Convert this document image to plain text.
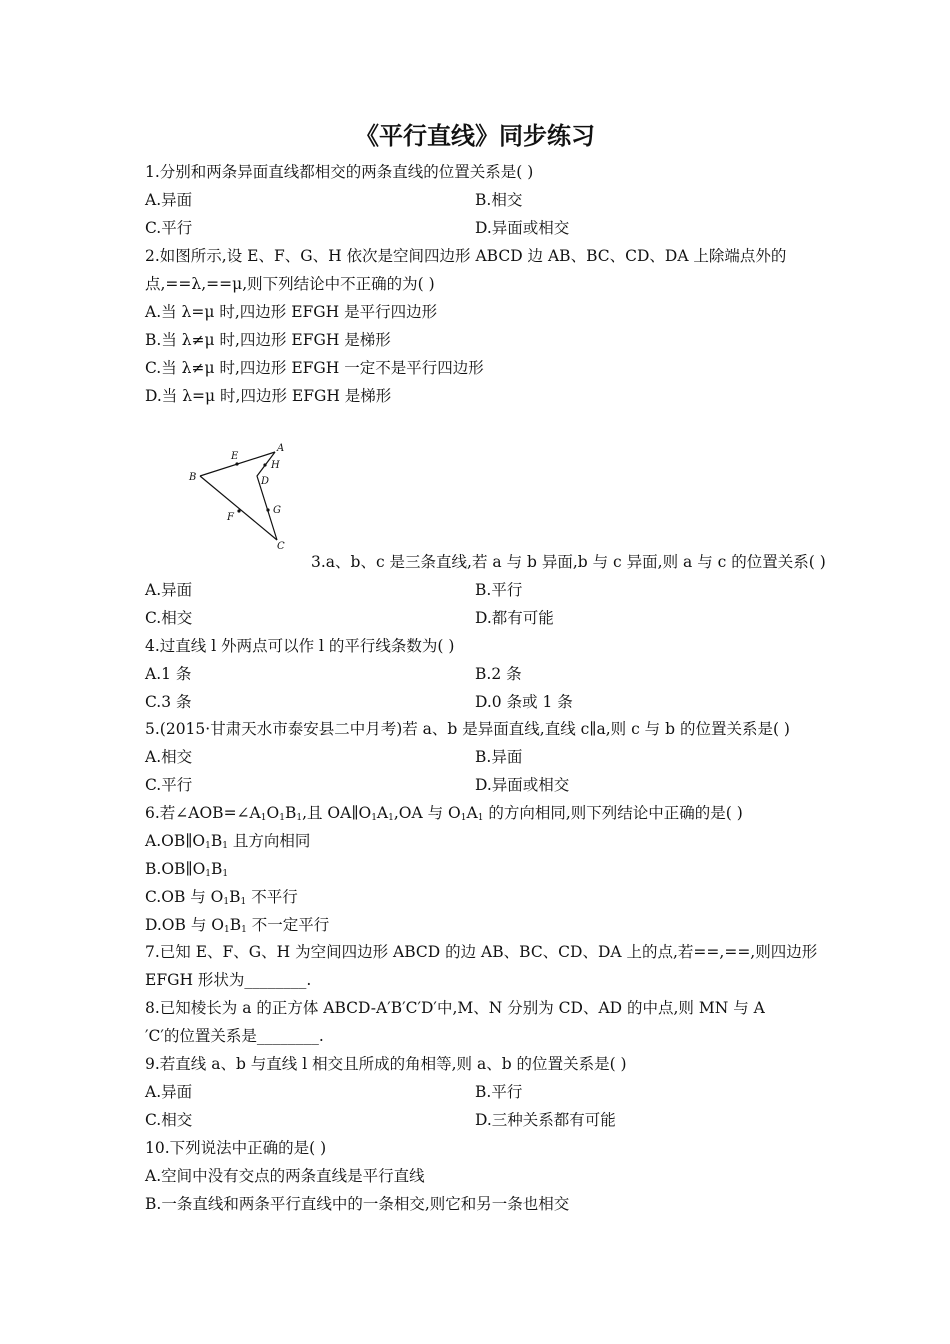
《平行直线》同步练习
1.分别和两条异面直线都相交的两条直线的位置关系是( )
A.异面	B.相交
C.平行	D.异面或相交
2.如图所示,设 E、F、G、H 依次是空间四边形 ABCD 边 AB、BC、CD、DA 上除端点外的
点,==λ,==μ,则下列结论中不正确的为( )
A.当 λ=μ 时,四边形 EFGH 是平行四边形
B.当 λ≠μ 时,四边形 EFGH 是梯形
C.当 λ≠μ 时,四边形 EFGH 一定不是平行四边形
D.当 λ=μ 时,四边形 EFGH 是梯形
A
B
C
D
E
F
G
H
3.a、b、c 是三条直线,若 a 与 b 异面,b 与 c 异面,则 a 与 c 的位置关系( )
A.异面	B.平行
C.相交	D.都有可能
4.过直线 l 外两点可以作 l 的平行线条数为( )
A.1 条	B.2 条
C.3 条	D.0 条或 1 条
5.(2015·甘肃天水市泰安县二中月考)若 a、b 是异面直线,直线 c∥a,则 c 与 b 的位置关系是( )
A.相交	B.异面
C.平行	D.异面或相交
6.若$\angle AOB=\angle A_1O_1B_1$,且 $OA\parallel O_1A_1,OA$ 与 $O_1A_1$ 的方向相同,则下列结论中正确的是( )
$A.OB\parallel O_1B_1$ 且方向相同
$B.OB\parallel O_1B_1$
C.OB 与 $O_1B_1$ 不平行
D.OB 与 $O_1B_1$ 不一定平行
7.已知 E、F、G、H 为空间四边形 ABCD 的边 AB、BC、CD、DA 上的点,若==,==,则四边形
EFGH 形状为________.
8.已知棱长为 a 的正方体 ABCD-A′B′C′D′中,M、N 分别为 CD、AD 的中点,则 MN 与 A
′C′的位置关系是________.
9.若直线 a、b 与直线 l 相交且所成的角相等,则 a、b 的位置关系是( )
A.异面	B.平行
C.相交	D.三种关系都有可能
10.下列说法中正确的是( )
A.空间中没有交点的两条直线是平行直线
B.一条直线和两条平行直线中的一条相交,则它和另一条也相交
